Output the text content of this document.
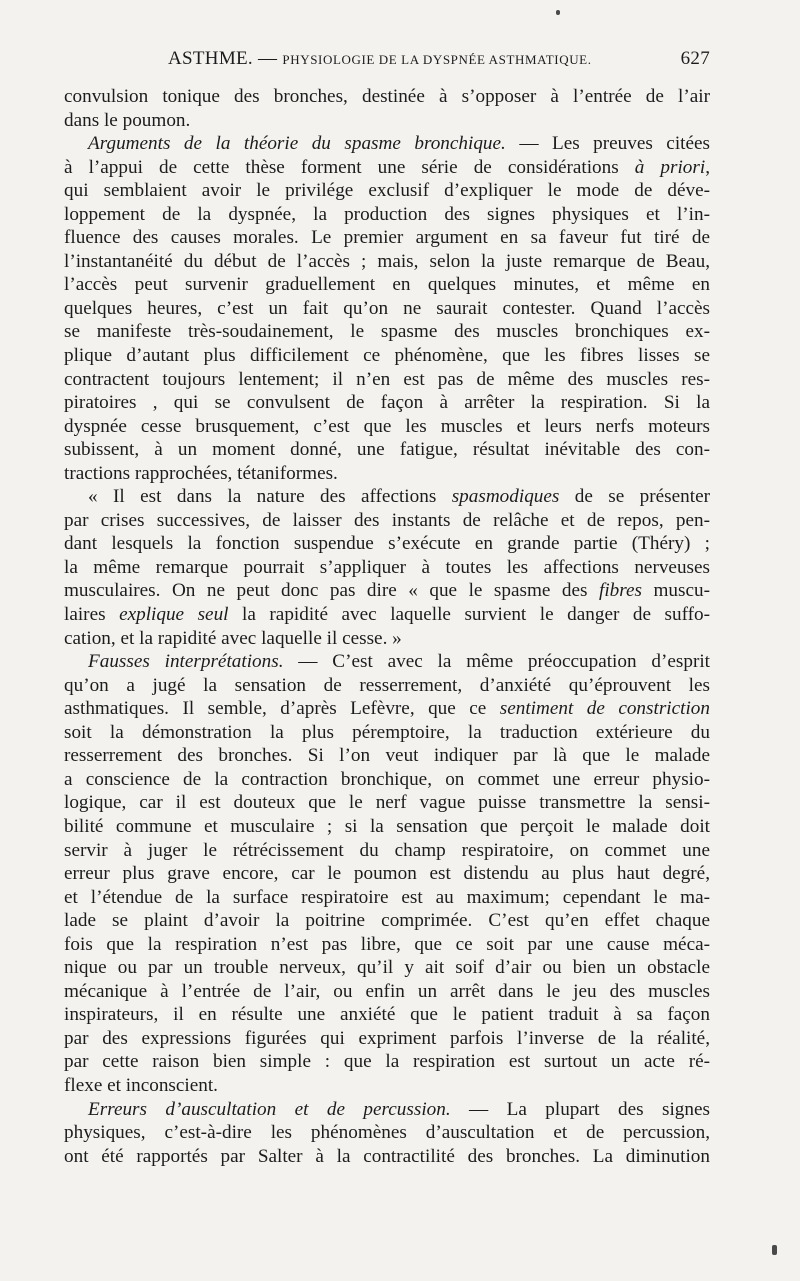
ASTHME. — PHYSIOLOGIE DE LA DYSPNÉE ASTHMATIQUE.	627
convulsion tonique des bronches, destinée à s’opposer à l’entrée de l’air
dans le poumon.
Arguments de la théorie du spasme bronchique. — Les preuves citées
à l’appui de cette thèse forment une série de considérations à priori,
qui semblaient avoir le privilége exclusif d’expliquer le mode de déve-
loppement de la dyspnée, la production des signes physiques et l’in-
fluence des causes morales. Le premier argument en sa faveur fut tiré de
l’instantanéité du début de l’accès ; mais, selon la juste remarque de Beau,
l’accès peut survenir graduellement en quelques minutes, et même en
quelques heures, c’est un fait qu’on ne saurait contester. Quand l’accès
se manifeste très-soudainement, le spasme des muscles bronchiques ex-
plique d’autant plus difficilement ce phénomène, que les fibres lisses se
contractent toujours lentement; il n’en est pas de même des muscles res-
piratoires , qui se convulsent de façon à arrêter la respiration. Si la
dyspnée cesse brusquement, c’est que les muscles et leurs nerfs moteurs
subissent, à un moment donné, une fatigue, résultat inévitable des con-
tractions rapprochées, tétaniformes.
« Il est dans la nature des affections spasmodiques de se présenter
par crises successives, de laisser des instants de relâche et de repos, pen-
dant lesquels la fonction suspendue s’exécute en grande partie (Théry) ;
la même remarque pourrait s’appliquer à toutes les affections nerveuses
musculaires. On ne peut donc pas dire « que le spasme des fibres muscu-
laires explique seul la rapidité avec laquelle survient le danger de suffo-
cation, et la rapidité avec laquelle il cesse. »
Fausses interprétations. — C’est avec la même préoccupation d’esprit
qu’on a jugé la sensation de resserrement, d’anxiété qu’éprouvent les
asthmatiques. Il semble, d’après Lefèvre, que ce sentiment de constriction
soit la démonstration la plus péremptoire, la traduction extérieure du
resserrement des bronches. Si l’on veut indiquer par là que le malade
a conscience de la contraction bronchique, on commet une erreur physio-
logique, car il est douteux que le nerf vague puisse transmettre la sensi-
bilité commune et musculaire ; si la sensation que perçoit le malade doit
servir à juger le rétrécissement du champ respiratoire, on commet une
erreur plus grave encore, car le poumon est distendu au plus haut degré,
et l’étendue de la surface respiratoire est au maximum; cependant le ma-
lade se plaint d’avoir la poitrine comprimée. C’est qu’en effet chaque
fois que la respiration n’est pas libre, que ce soit par une cause méca-
nique ou par un trouble nerveux, qu’il y ait soif d’air ou bien un obstacle
mécanique à l’entrée de l’air, ou enfin un arrêt dans le jeu des muscles
inspirateurs, il en résulte une anxiété que le patient traduit à sa façon
par des expressions figurées qui expriment parfois l’inverse de la réalité,
par cette raison bien simple : que la respiration est surtout un acte ré-
flexe et inconscient.
Erreurs d’auscultation et de percussion. — La plupart des signes
physiques, c’est-à-dire les phénomènes d’auscultation et de percussion,
ont été rapportés par Salter à la contractilité des bronches. La diminution
